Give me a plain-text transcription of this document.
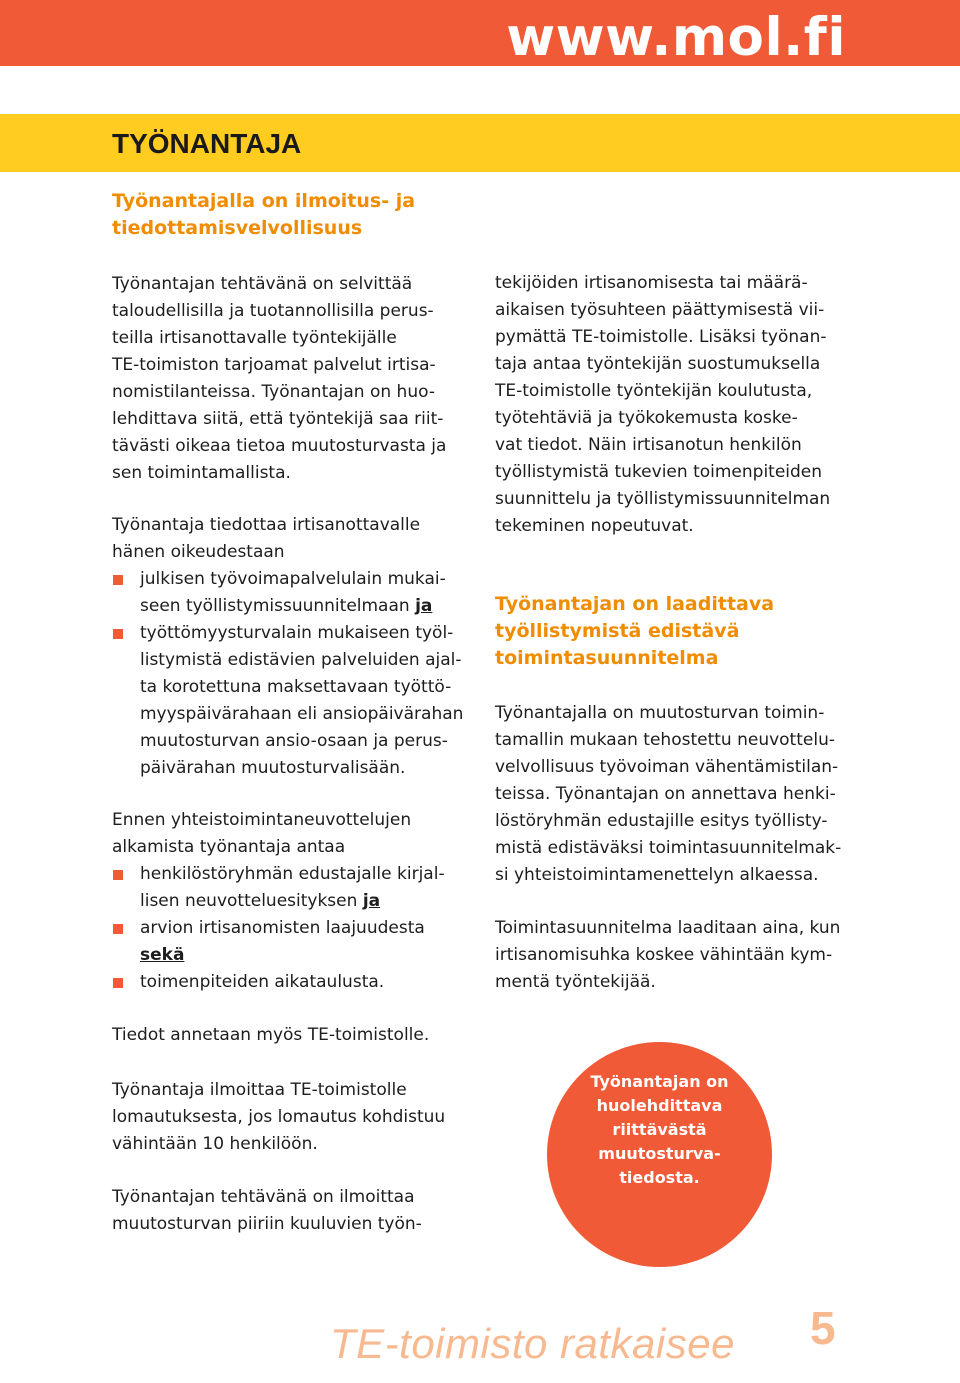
www.mol.fi
TYÖNANTAJA
Työnantajalla on ilmoitus- ja
tiedottamisvelvollisuus
Työnantajan tehtävänä on selvittää
taloudellisilla ja tuotannollisilla perus-
teilla irtisanottavalle työntekijälle
TE-toimiston tarjoamat palvelut irtisa-
nomistilanteissa. Työnantajan on huo-
lehdittava siitä, että työntekijä saa riit-
tävästi oikeaa tietoa muutosturvasta ja
sen toimintamallista.
Työnantaja tiedottaa irtisanottavalle
hänen oikeudestaan
julkisen työvoimapalvelulain mukai-
seen työllistymissuunnitelmaan ja
työttömyysturvalain mukaiseen työl-
listymistä edistävien palveluiden ajal-
ta korotettuna maksettavaan työttö-
myyspäivärahaan eli ansiopäivärahan
muutosturvan ansio-osaan ja perus-
päivärahan muutosturvalisään.
Ennen yhteistoimintaneuvottelujen
alkamista työnantaja antaa
henkilöstöryhmän edustajalle kirjal-
lisen neuvotteluesityksen ja
arvion irtisanomisten laajuudesta
sekä
toimenpiteiden aikataulusta.

Tiedot annetaan myös TE-toimistolle.

Työnantaja ilmoittaa TE-toimistolle
lomautuksesta, jos lomautus kohdistuu
vähintään 10 henkilöön.
Työnantajan tehtävänä on ilmoittaa
muutosturvan piiriin kuuluvien työn-
tekijöiden irtisanomisesta tai määrä-
aikaisen työsuhteen päättymisestä vii-
pymättä TE-toimistolle. Lisäksi työnan-
taja antaa työntekijän suostumuksella
TE-toimistolle työntekijän koulutusta,
työtehtäviä ja työkokemusta koske-
vat tiedot. Näin irtisanotun henkilön
työllistymistä tukevien toimenpiteiden
suunnittelu ja työllistymissuunnitelman
tekeminen nopeutuvat.
Työnantajan on laadittava
työllistymistä edistävä
toimintasuunnitelma
Työnantajalla on muutosturvan toimin-
tamallin mukaan tehostettu neuvottelu-
velvollisuus työvoiman vähentämistilan-
teissa. Työnantajan on annettava henki-
löstöryhmän edustajille esitys työllisty-
mistä edistäväksi toimintasuunnitelmak-
si yhteistoimintamenettelyn alkaessa.
Toimintasuunnitelma laaditaan aina, kun
irtisanomisuhka koskee vähintään kym-
mentä työntekijää.
Työnantajan on
huolehdittava
riittävästä
muutosturva-
tiedosta.
TE-toimisto ratkaisee 5
